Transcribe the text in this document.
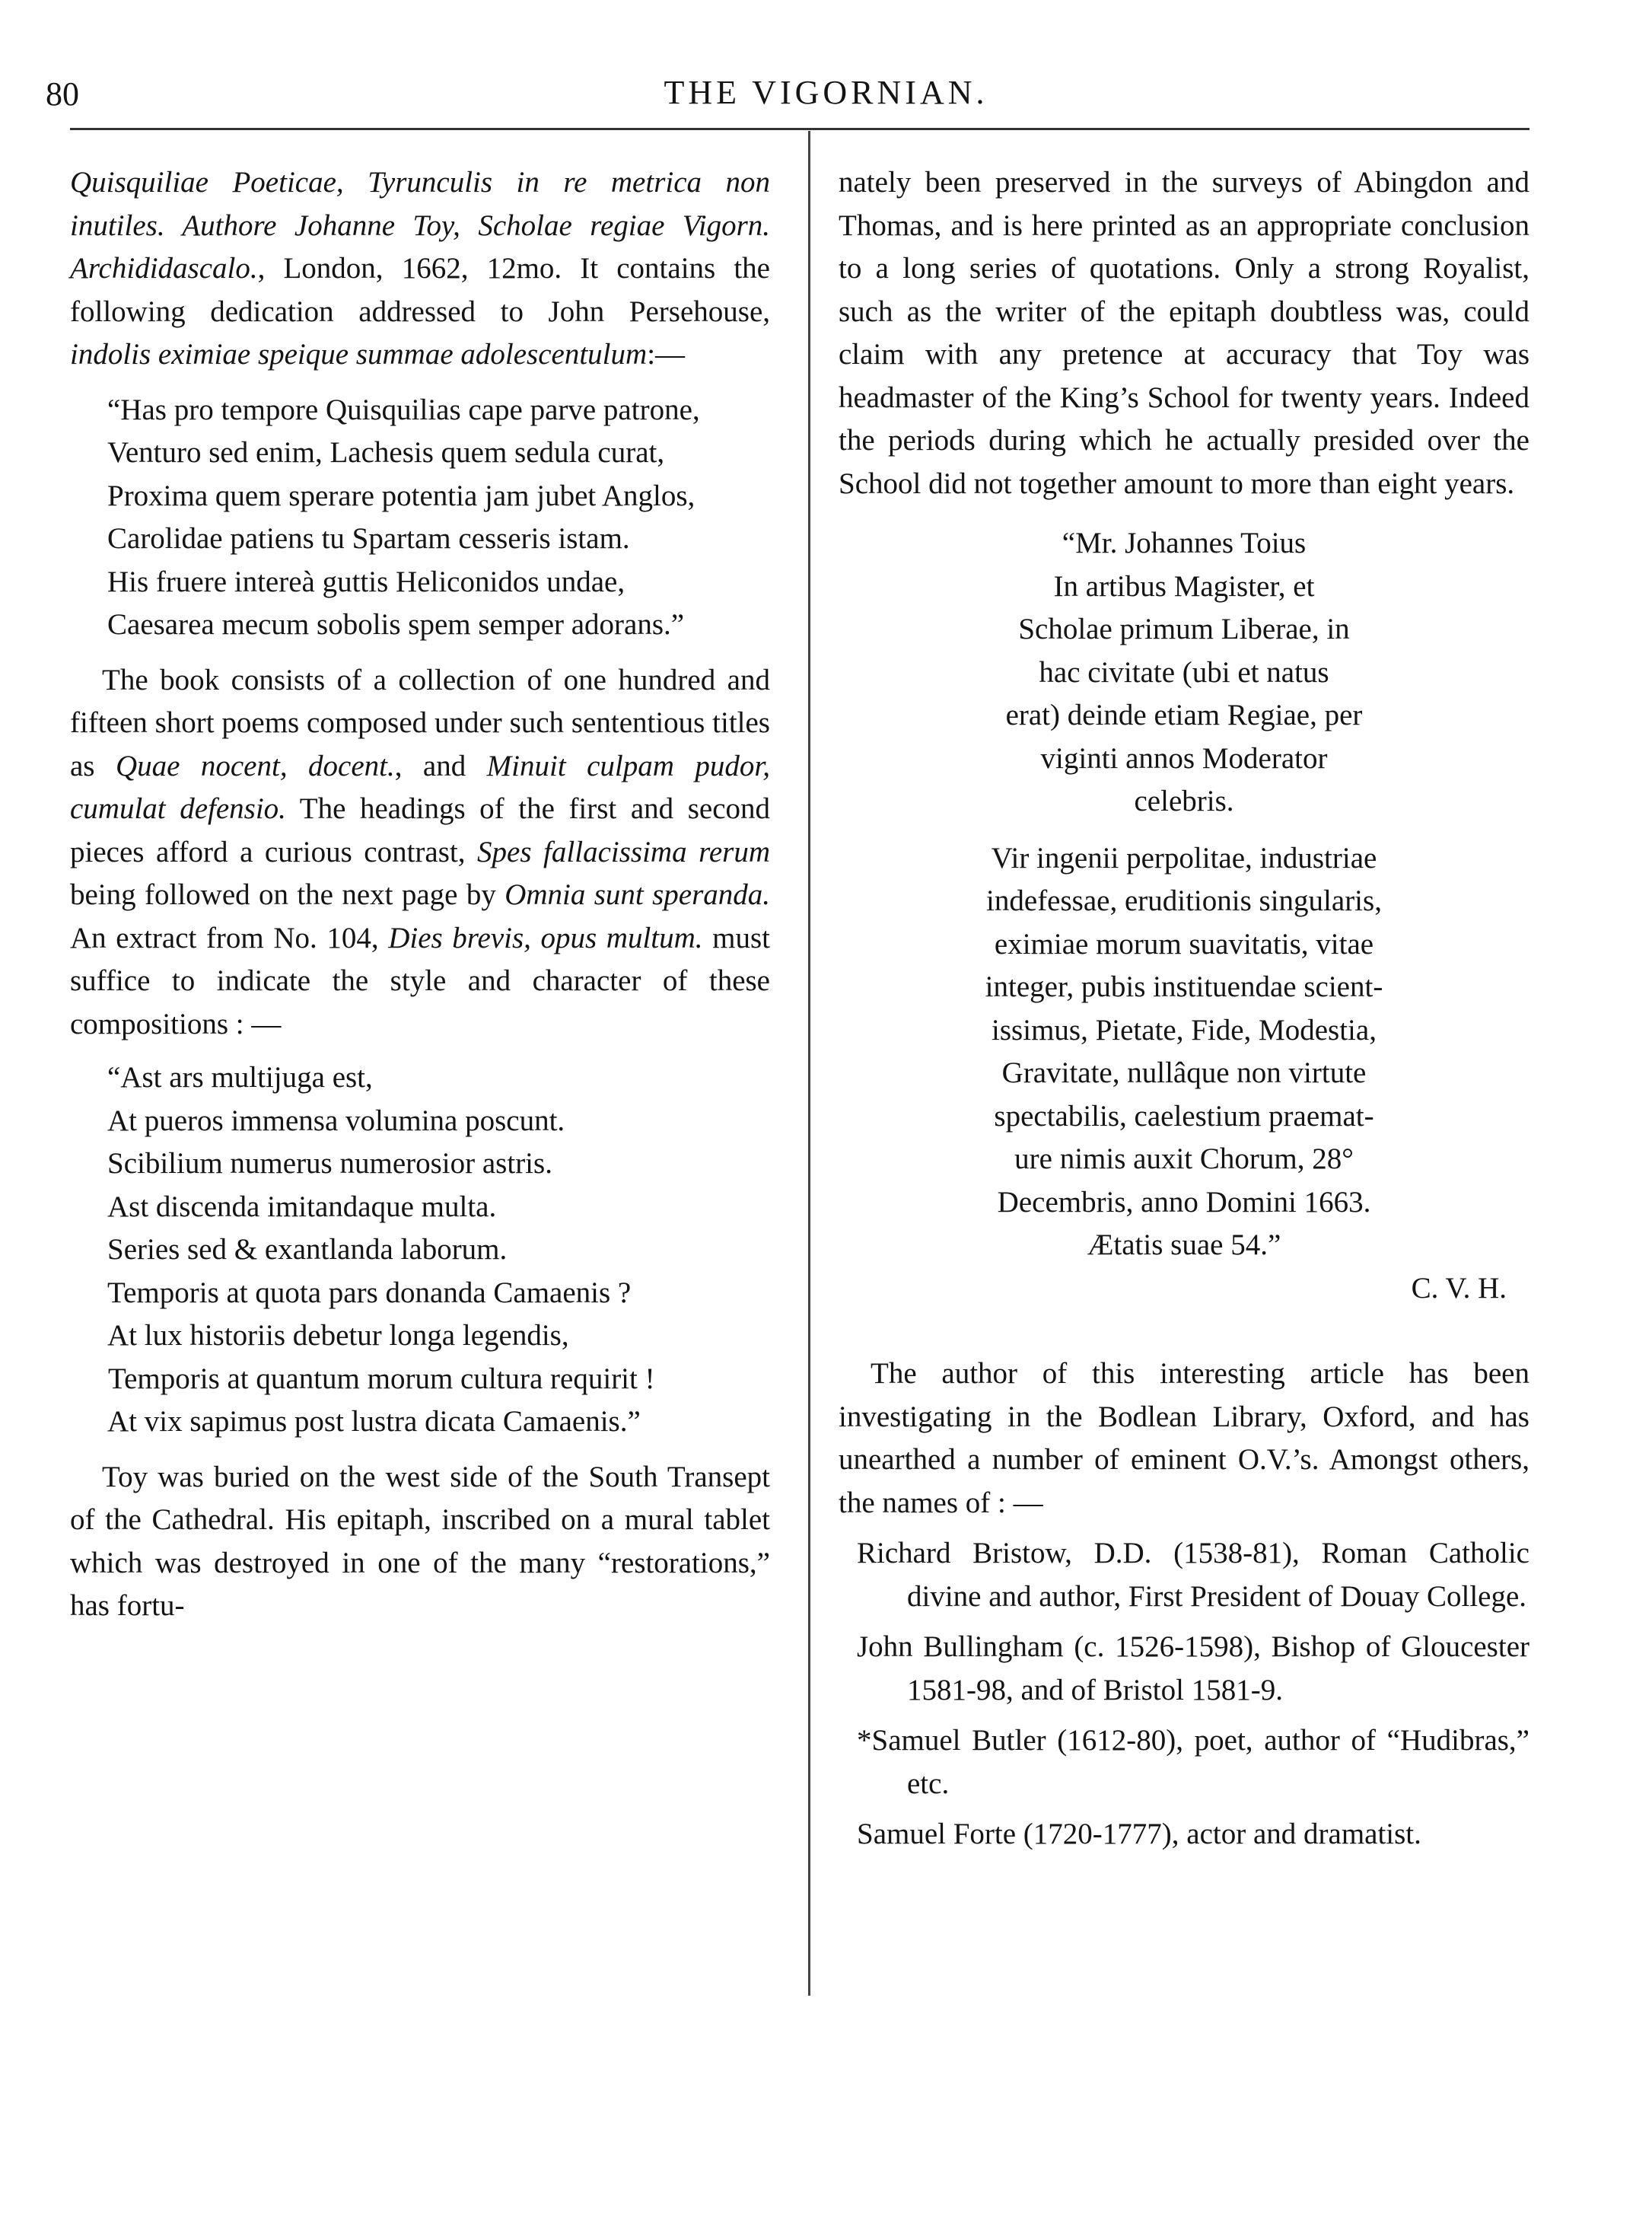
80	THE VIGORNIAN.

Quisquiliae Poeticae, Tyrunculis in re metrica non inutiles. Authore Johanne Toy, Scholae regiae Vigorn. Archididascalo., London, 1662, 12mo. It contains the following dedication addressed to John Persehouse, indolis eximiae speique summae adolescentulum:—

“Has pro tempore Quisquilias cape parve patrone,
Venturo sed enim, Lachesis quem sedula curat,
Proxima quem sperare potentia jam jubet Anglos,
Carolidae patiens tu Spartam cesseris istam.
His fruere intereà guttis Heliconidos undae,
Caesarea mecum sobolis spem semper adorans.”

The book consists of a collection of one hundred and fifteen short poems composed under such sententious titles as Quae nocent, docent., and Minuit culpam pudor, cumulat defensio. The headings of the first and second pieces afford a curious contrast, Spes fallacissima rerum being followed on the next page by Omnia sunt speranda. An extract from No. 104, Dies brevis, opus multum. must suffice to indicate the style and character of these compositions : —

“Ast ars multijuga est,
At pueros immensa volumina poscunt.
Scibilium numerus numerosior astris.
Ast discenda imitandaque multa.
Series sed & exantlanda laborum.
Temporis at quota pars donanda Camaenis ?
At lux historiis debetur longa legendis,
Temporis at quantum morum cultura requirit !
At vix sapimus post lustra dicata Camaenis.”

Toy was buried on the west side of the South Transept of the Cathedral. His epitaph, inscribed on a mural tablet which was destroyed in one of the many “restorations,” has fortu-

nately been preserved in the surveys of Abingdon and Thomas, and is here printed as an appropriate conclusion to a long series of quotations. Only a strong Royalist, such as the writer of the epitaph doubtless was, could claim with any pretence at accuracy that Toy was headmaster of the King’s School for twenty years. Indeed the periods during which he actually presided over the School did not together amount to more than eight years.

“Mr. Johannes Toius
In artibus Magister, et
Scholae primum Liberae, in
hac civitate (ubi et natus
erat) deinde etiam Regiae, per
viginti annos Moderator
celebris.
Vir ingenii perpolitae, industriae
indefessae, eruditionis singularis,
eximiae morum suavitatis, vitae
integer, pubis instituendae scient-
issimus, Pietate, Fide, Modestia,
Gravitate, nullâque non virtute
spectabilis, caelestium praemat-
ure nimis auxit Chorum, 28°
Decembris, anno Domini 1663.
Ætatis suae 54.”
C. V. H.

The author of this interesting article has been investigating in the Bodlean Library, Oxford, and has unearthed a number of eminent O.V.’s. Amongst others, the names of : —

Richard Bristow, D.D. (1538-81), Roman Catholic divine and author, First President of Douay College.
John Bullingham (c. 1526-1598), Bishop of Gloucester 1581-98, and of Bristol 1581-9.
*Samuel Butler (1612-80), poet, author of “Hudibras,” etc.
Samuel Forte (1720-1777), actor and dramatist.
